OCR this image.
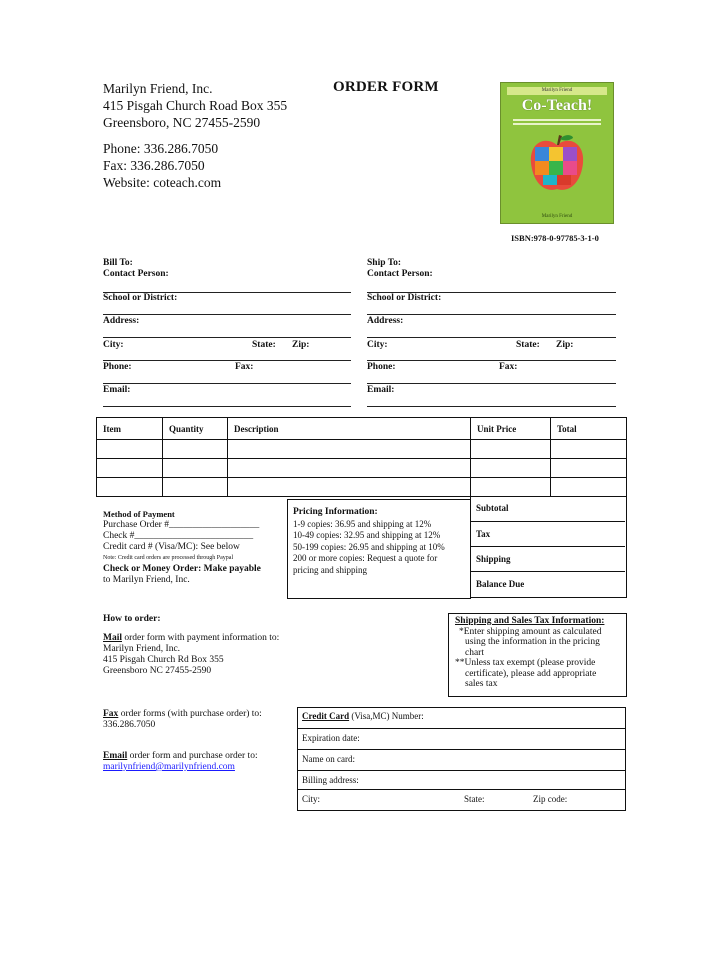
Marilyn Friend, Inc.
415 Pisgah Church Road Box 355
Greensboro, NC 27455-2590
Phone: 336.286.7050
Fax: 336.286.7050
Website: coteach.com
ORDER FORM	Marilyn Friend
Co-Teach!
Marilyn Friend
ISBN:978-0-97785-3-1-0
Bill To:
Contact Person:
School or District:
Address:
City:	State: Zip:
Phone:	Fax:
Email:
Ship To:
Contact Person:
School or District:
Address:
City:	State: Zip:
Phone:	Fax:
Email:
Item	Quantity	Description	Unit Price	Total

Method of Payment
Purchase Order #___________________
Check #_________________________
Credit card # (Visa/MC): See below
Note: Credit card orders are processed through Paypal
Check or Money Order: Make payable
to Marilyn Friend, Inc.
Pricing Information:
1-9 copies: 36.95 and shipping at 12%
10-49 copies: 32.95 and shipping at 12%
50-199 copies: 26.95 and shipping at 10%
200 or more copies: Request a quote for
pricing and shipping
Subtotal
Tax
Shipping
Balance Due
How to order:
Mail order form with payment information to:
Marilyn Friend, Inc.
415 Pisgah Church Rd Box 355
Greensboro NC 27455-2590
Fax order forms (with purchase order) to:
336.286.7050
Email order form and purchase order to:
marilynfriend@marilynfriend.com
Shipping and Sales Tax Information:
*Enter shipping amount as calculated
using the information in the pricing
chart
**Unless tax exempt (please provide
certificate), please add appropriate
sales tax
Credit Card (Visa,MC) Number:
Expiration date:
Name on card:
Billing address:
City:	State:	Zip code:
